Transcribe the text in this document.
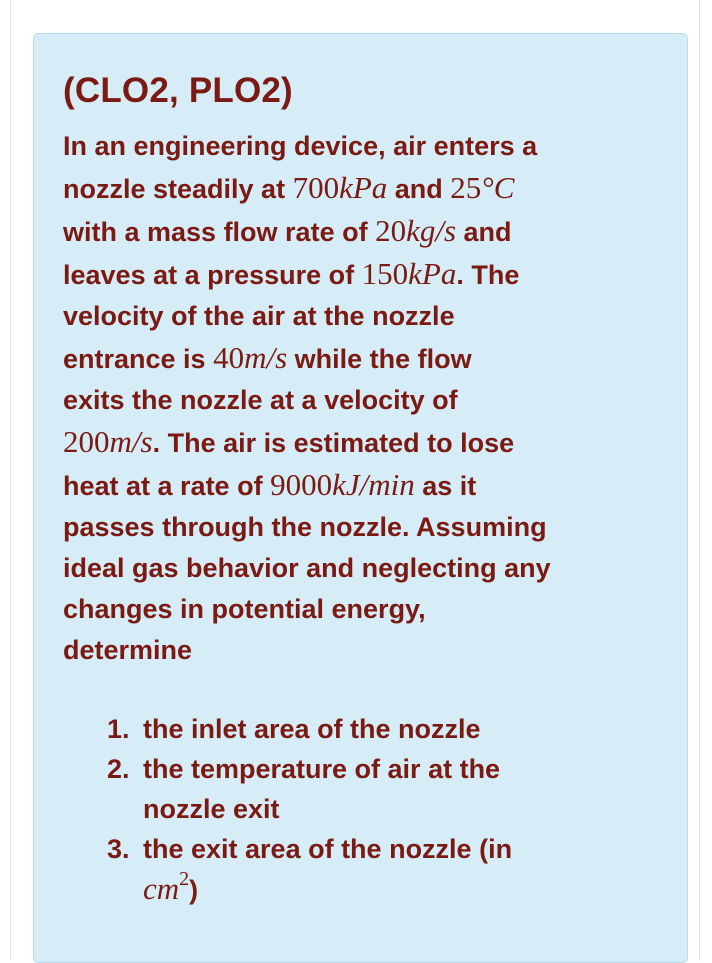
(CLO2, PLO2)

In an engineering device, air enters a
nozzle steadily at 700kPa and 25°C
with a mass flow rate of 20kg/s and
leaves at a pressure of 150kPa. The
velocity of the air at the nozzle
entrance is 40m/s while the flow
exits the nozzle at a velocity of
200m/s. The air is estimated to lose
heat at a rate of 9000kJ/min as it
passes through the nozzle. Assuming
ideal gas behavior and neglecting any
changes in potential energy,
determine

1. the inlet area of the nozzle
2. the temperature of air at the
nozzle exit
3. the exit area of the nozzle (in
$cm^2$)
